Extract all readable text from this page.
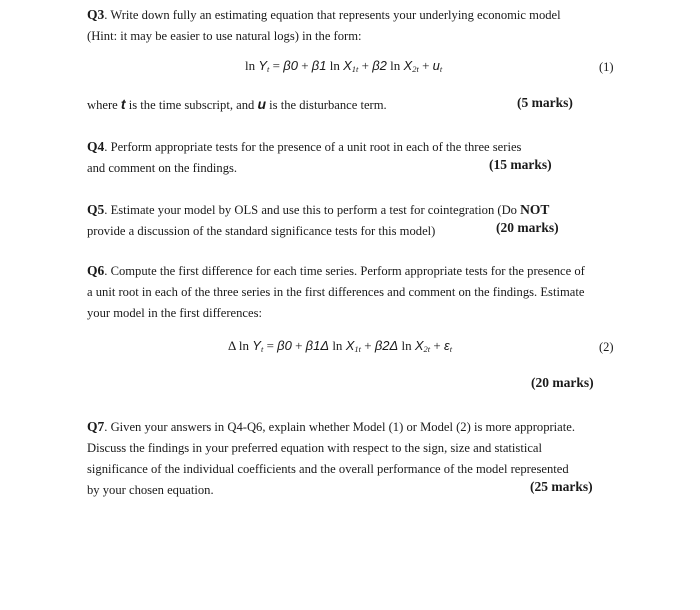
Q3. Write down fully an estimating equation that represents your underlying economic model
(Hint: it may be easier to use natural logs) in the form:
$\ln Y_t = \beta 0 + \beta 1$ $\ln X_{1t} + \beta 2$ $\ln X_{2t} + u_t$	(1)
where t is the time subscript, and u is the disturbance term.	(5 marks)
Q4. Perform appropriate tests for the presence of a unit root in each of the three series
and comment on the findings.	(15 marks)
Q5. Estimate your model by OLS and use this to perform a test for cointegration (Do NOT
provide a discussion of the standard significance tests for this model)	(20 marks)
Q6. Compute the first difference for each time series. Perform appropriate tests for the presence of
a unit root in each of the three series in the first differences and comment on the findings. Estimate
your model in the first differences:
Δ $\ln Y_t = \beta 0 + \beta 1\Delta$ $\ln X_{1t} + \beta 2\Delta$ $\ln X_{2t} + \varepsilon_t$	(2)
(20 marks)
Q7. Given your answers in Q4-Q6, explain whether Model (1) or Model (2) is more appropriate.
Discuss the findings in your preferred equation with respect to the sign, size and statistical
significance of the individual coefficients and the overall performance of the model represented
by your chosen equation.	(25 marks)
